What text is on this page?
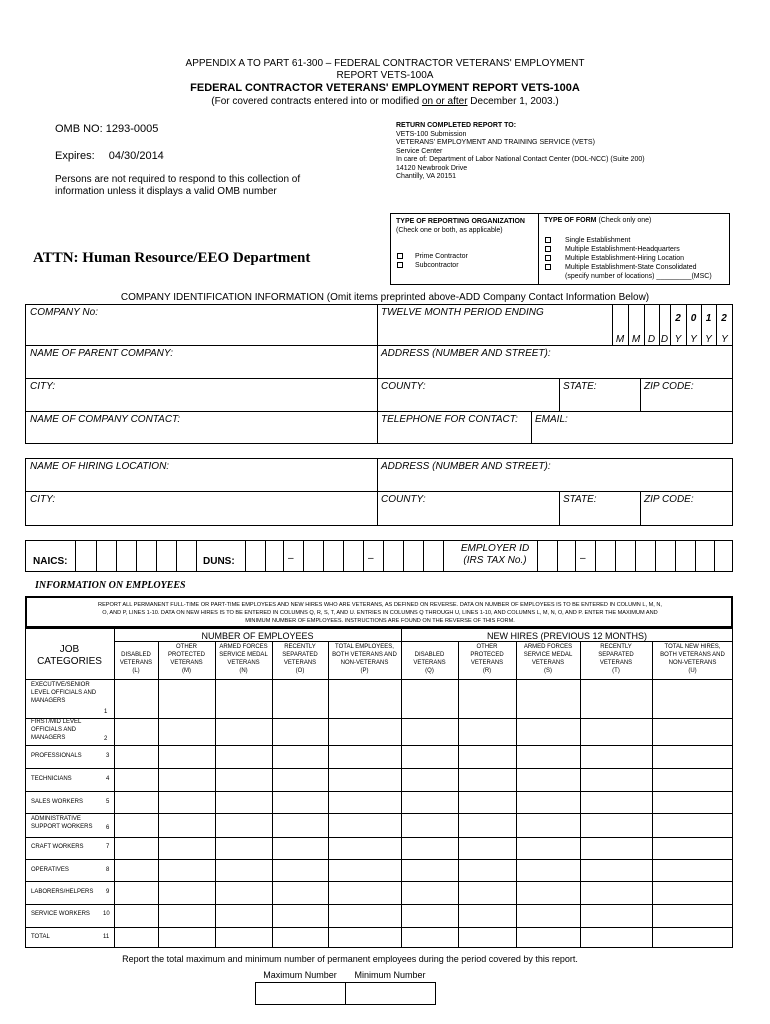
APPENDIX A TO PART 61-300 – FEDERAL CONTRACTOR VETERANS' EMPLOYMENT
REPORT VETS-100A
FEDERAL CONTRACTOR VETERANS' EMPLOYMENT REPORT VETS-100A
(For covered contracts entered into or modified on or after December 1, 2003.)
OMB NO: 1293-0005
Expires: 04/30/2014
Persons are not required to respond to this collection of
information unless it displays a valid OMB number
RETURN COMPLETED REPORT TO:
VETS-100 Submission
VETERANS' EMPLOYMENT AND TRAINING SERVICE (VETS)
Service Center
In care of: Department of Labor National Contact Center (DOL-NCC) (Suite 200)
14120 Newbrook Drive
Chantilly, VA 20151
ATTN: Human Resource/EEO Department
TYPE OF REPORTING ORGANIZATION (Check one or both, as applicable)
Prime Contractor
Subcontractor
TYPE OF FORM (Check only one)
Single Establishment
Multiple Establishment-Headquarters
Multiple Establishment-Hiring Location
Multiple Establishment-State Consolidated
(specify number of locations) _________(MSC)
COMPANY IDENTIFICATION INFORMATION (Omit items preprinted above-ADD Company Contact Information Below)
COMPANY No:	TWELVE MONTH PERIOD ENDING
2 0 1 2
M M D D Y Y Y Y
NAME OF PARENT COMPANY:	ADDRESS (NUMBER AND STREET):
CITY:	COUNTY:	STATE:	ZIP CODE:
NAME OF COMPANY CONTACT:	TELEPHONE FOR CONTACT: EMAIL:
NAME OF HIRING LOCATION:	ADDRESS (NUMBER AND STREET):
CITY:	COUNTY:	STATE:	ZIP CODE:
NAICS:	DUNS:	–	–
EMPLOYER ID
(IRS TAX No.)	–
INFORMATION ON EMPLOYEES
REPORT ALL PERMANENT FULL-TIME OR PART-TIME EMPLOYEES AND NEW HIRES WHO ARE VETERANS, AS DEFINED ON REVERSE. DATA ON NUMBER OF EMPLOYEES IS TO BE ENTERED IN COLUMN L, M, N,
O, AND P, LINES 1-10. DATA ON NEW HIRES IS TO BE ENTERED IN COLUMNS Q, R, S, T, AND U. ENTRIES IN COLUMNS Q THROUGH U, LINES 1-10, AND COLUMNS L, M, N, O, AND P. ENTER THE MAXIMUM AND
MINIMUM NUMBER OF EMPLOYEES. INSTRUCTIONS ARE FOUND ON THE REVERSE OF THIS FORM.
NUMBER OF EMPLOYEES	NEW HIRES (PREVIOUS 12 MONTHS)
JOB
CATEGORIES
DISABLED
VETERANS
(L)
OTHER
PROTECTED
VETERANS
(M)
ARMED FORCES
SERVICE MEDAL
VETERANS
(N)
RECENTLY
SEPARATED
VETERANS
(O)
TOTAL EMPLOYEES,
BOTH VETERANS AND
NON-VETERANS
(P)
DISABLED
VETERANS
(Q)
OTHER
PROTECED
VETERANS
(R)
ARMED FORCES
SERVICE MEDAL
VETERANS
(S)
RECENTLY
SEPARATED
VETERANS
(T)
TOTAL NEW HIRES,
BOTH VETERANS AND
NON-VETERANS
(U)
EXECUTIVE/SENIOR
LEVEL OFFICIALS AND
MANAGERS
1
FIRST/MID LEVEL
OFFICIALS AND
MANAGERS	2
PROFESSIONALS	3
TECHNICIANS	4
SALES WORKERS	5
ADMINISTRATIVE
SUPPORT WORKERS 6
CRAFT WORKERS	7
OPERATIVES	8
LABORERS/HELPERS 9
SERVICE WORKERS 10
TOTAL	11
Report the total maximum and minimum number of permanent employees during the period covered by this report.
Maximum Number	Minimum Number
